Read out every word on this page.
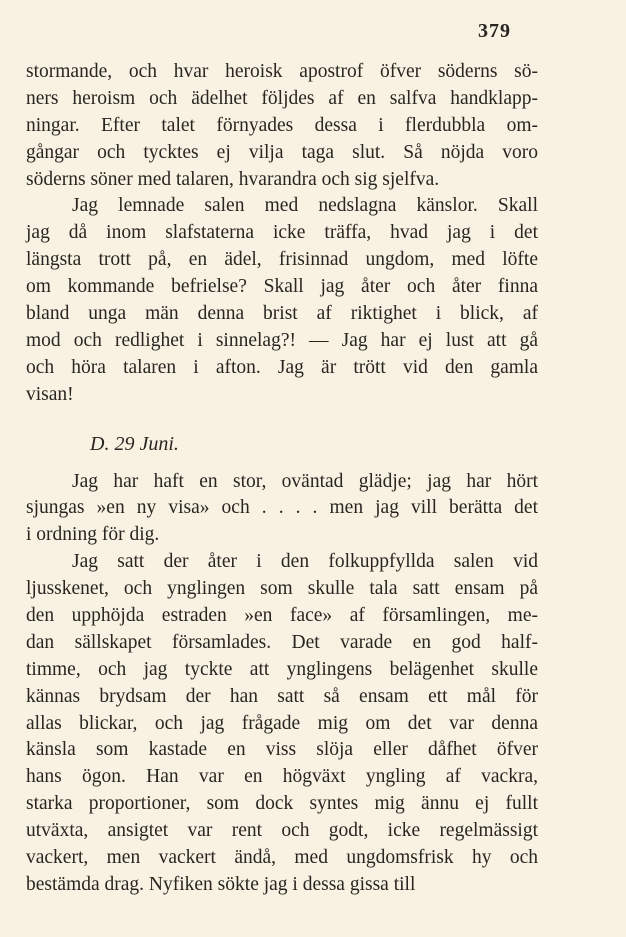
379
stormande, och hvar heroisk apostrof öfver söderns sö-
ners heroism och ädelhet följdes af en salfva handklapp-
ningar. Efter talet förnyades dessa i flerdubbla om-
gångar och tycktes ej vilja taga slut. Så nöjda voro
söderns söner med talaren, hvarandra och sig sjelfva.
Jag lemnade salen med nedslagna känslor. Skall
jag då inom slafstaterna icke träffa, hvad jag i det
längsta trott på, en ädel, frisinnad ungdom, med löfte
om kommande befrielse? Skall jag åter och åter finna
bland unga män denna brist af riktighet i blick, af
mod och redlighet i sinnelag?! — Jag har ej lust att gå
och höra talaren i afton. Jag är trött vid den gamla
visan!
D. 29 Juni.
Jag har haft en stor, oväntad glädje; jag har hört
sjungas »en ny visa» och . . . . men jag vill berätta det
i ordning för dig.
Jag satt der åter i den folkuppfyllda salen vid
ljusskenet, och ynglingen som skulle tala satt ensam på
den upphöjda estraden »en face» af församlingen, me-
dan sällskapet församlades. Det varade en god half-
timme, och jag tyckte att ynglingens belägenhet skulle
kännas brydsam der han satt så ensam ett mål för
allas blickar, och jag frågade mig om det var denna
känsla som kastade en viss slöja eller dåfhet öfver
hans ögon. Han var en högväxt yngling af vackra,
starka proportioner, som dock syntes mig ännu ej fullt
utväxta, ansigtet var rent och godt, icke regelmässigt
vackert, men vackert ändå, med ungdomsfrisk hy och
bestämda drag. Nyfiken sökte jag i dessa gissa till
